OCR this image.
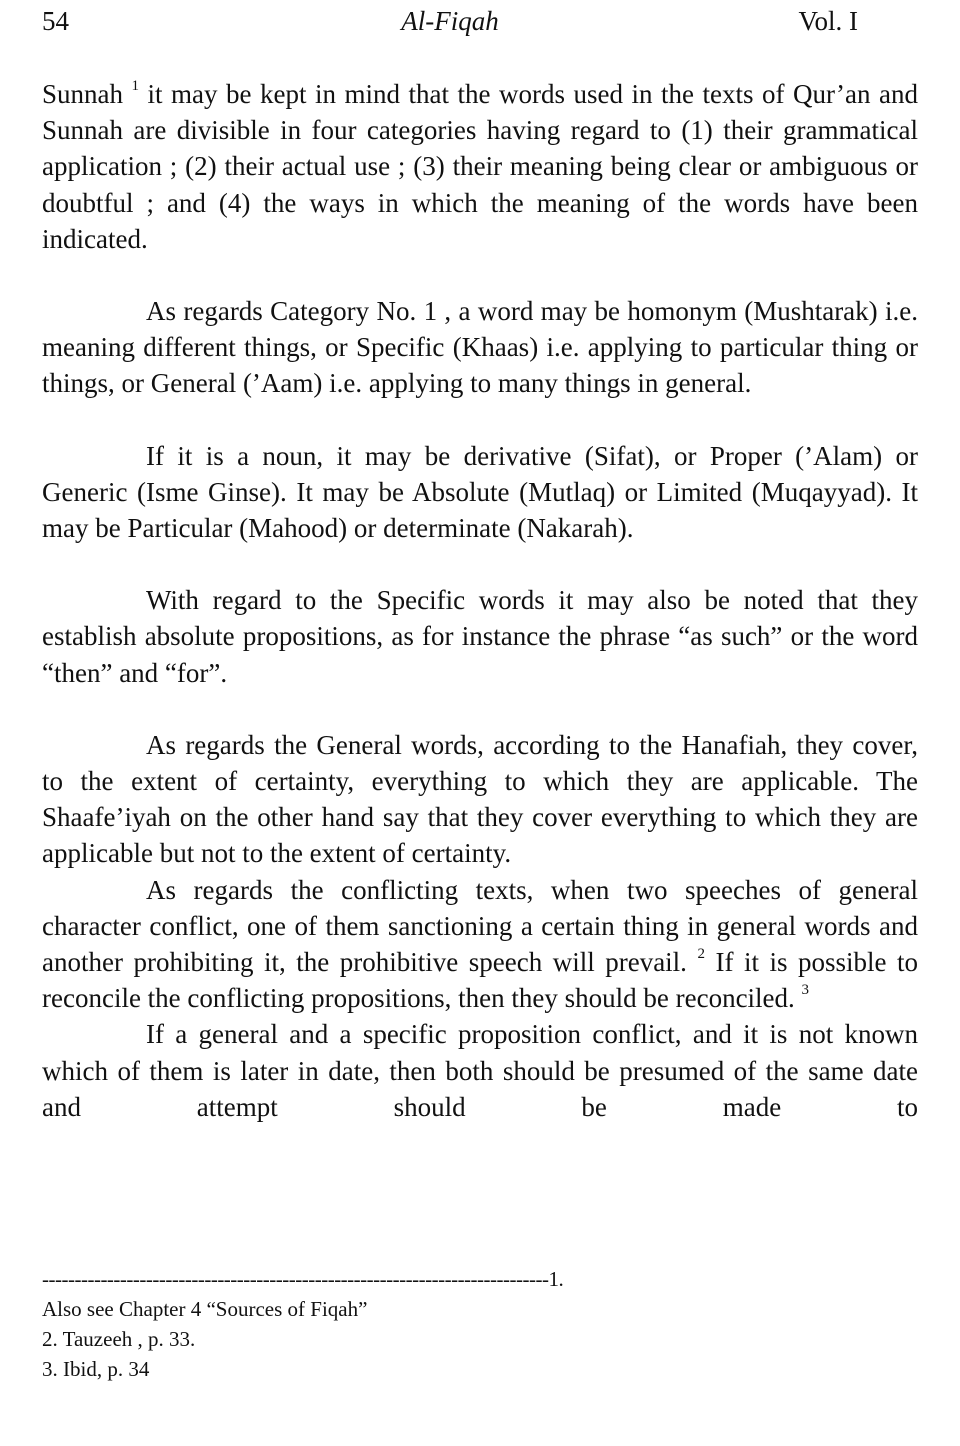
54	Al-Fiqah	Vol. I

Sunnah $^1$ it may be kept in mind that the words used in the texts of Qur’an and Sunnah are divisible in four categories having regard to (1) their grammatical application ; (2) their actual use ; (3) their meaning being clear or ambiguous or doubtful ; and (4) the ways in which the meaning of the words have been indicated.

As regards Category No. 1 , a word may be homonym (Mushtarak) i.e. meaning different things, or Specific (Khaas) i.e. applying to particular thing or things, or General (’Aam) i.e. applying to many things in general.

If it is a noun, it may be derivative (Sifat), or Proper (’Alam) or Generic (Isme Ginse). It may be Absolute (Mutlaq) or Limited (Muqayyad). It may be Particular (Mahood) or determinate (Nakarah).

With regard to the Specific words it may also be noted that they establish absolute propositions, as for instance the phrase “as such” or the word “then” and “for”.

As regards the General words, according to the Hanafiah, they cover, to the extent of certainty, everything to which they are applicable. The Shaafe’iyah on the other hand say that they cover everything to which they are applicable but not to the extent of certainty.

As regards the conflicting texts, when two speeches of general character conflict, one of them sanctioning a certain thing in general words and another prohibiting it, the prohibitive speech will prevail. $^2$ If it is possible to reconcile the conflicting propositions, then they should be reconciled. $^3$

If a general and a specific proposition conflict, and it is not known which of them is later in date, then both should be presumed of the same date and attempt should be made to

------------------------------------------------------------------------------1.
Also see Chapter 4 “Sources of Fiqah”
2. Tauzeeh , p. 33.
3. Ibid, p. 34
